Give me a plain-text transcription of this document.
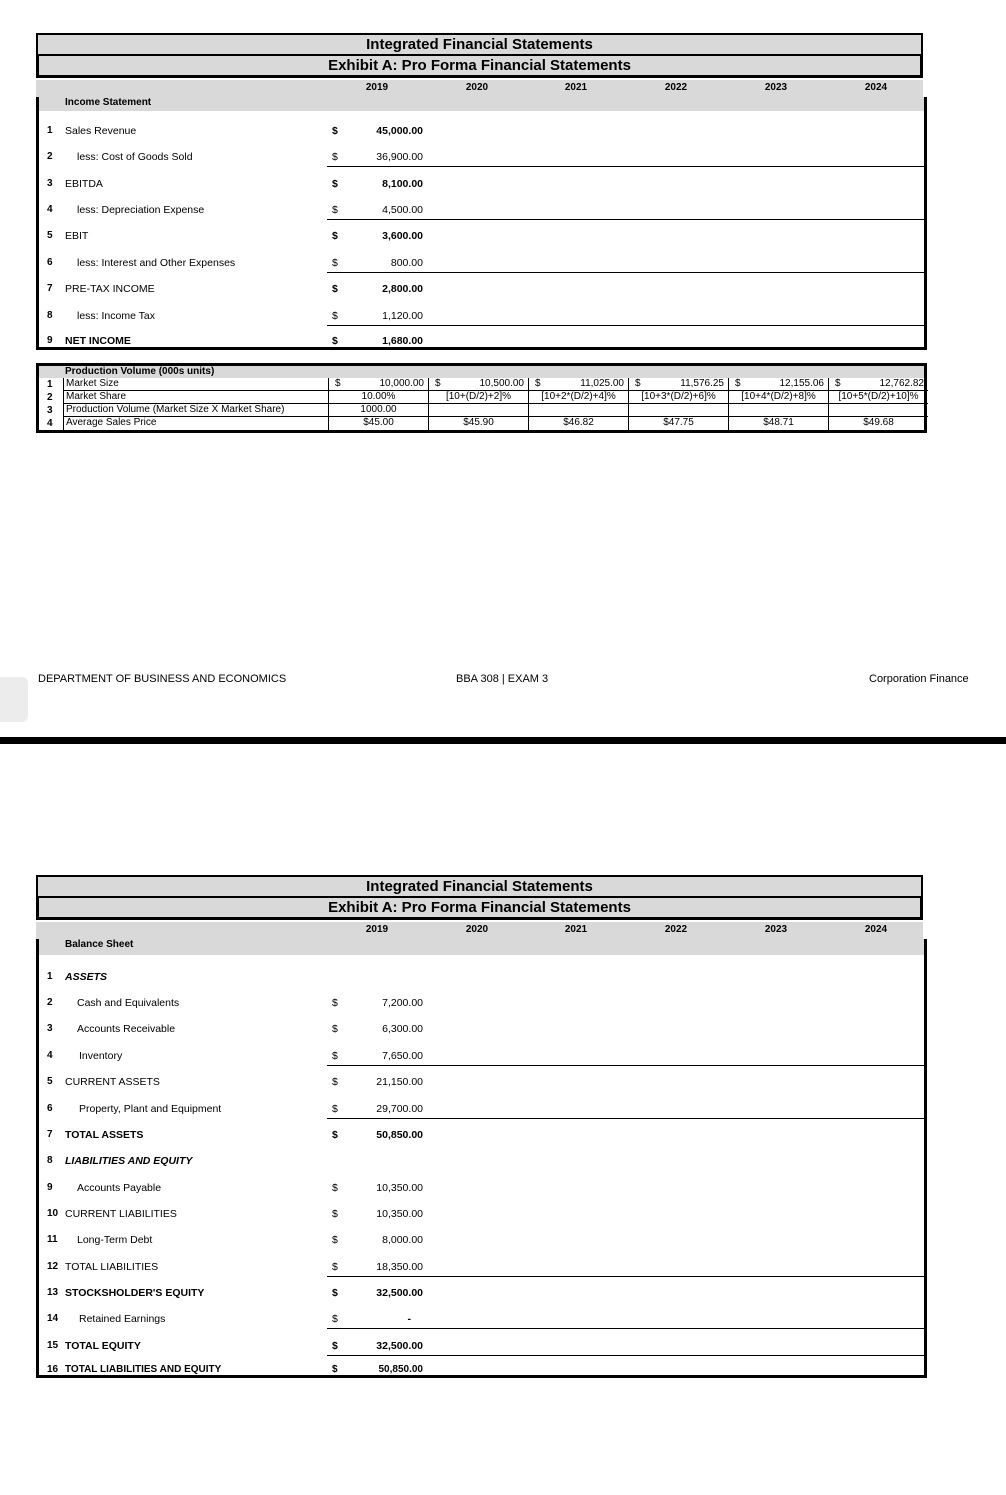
Integrated Financial Statements
Exhibit A: Pro Forma Financial Statements
2019	2020	2021	2022	2023	2024
Income Statement
1 Sales Revenue	$	45,000.00
2 less: Cost of Goods Sold	$	36,900.00
3 EBITDA	$	8,100.00
4 less: Depreciation Expense	$	4,500.00
5 EBIT	$	3,600.00
6 less: Interest and Other Expenses	$	800.00
7 PRE-TAX INCOME	$	2,800.00
8 less: Income Tax	$	1,120.00
9 NET INCOME	$	1,680.00
Production Volume (000s units)
1	Market Size	$	10,000.00 $	10,500.00 $	11,025.00 $	11,576.25 $	12,155.06 $	12,762.82
2	Market Share	10.00%	[10+(D/2)+2]%	[10+2*(D/2)+4]%	[10+3*(D/2)+6]%	[10+4*(D/2)+8]%	[10+5*(D/2)+10]%
3	Production Volume (Market Size X Market Share)	1000.00
4	Average Sales Price	$45.00	$45.90	$46.82	$47.75	$48.71	$49.68
DEPARTMENT OF BUSINESS AND ECONOMICS	BBA 308 | EXAM 3	Corporation Finance
Integrated Financial Statements
Exhibit A: Pro Forma Financial Statements
2019	2020	2021	2022	2023	2024
Balance Sheet
1 ASSETS
2 Cash and Equivalents	$	7,200.00
3 Accounts Receivable	$	6,300.00
4	Inventory	$	7,650.00
5 CURRENT ASSETS	$	21,150.00
6	Property, Plant and Equipment	$	29,700.00
7 TOTAL ASSETS	$	50,850.00
8 LIABILITIES AND EQUITY
9 Accounts Payable	$	10,350.00
10 CURRENT LIABILITIES	$	10,350.00
11 Long-Term Debt	$	8,000.00
12 TOTAL LIABILITIES	$	18,350.00
13 STOCKSHOLDER'S EQUITY	$	32,500.00
14 Retained Earnings	$	-
15 TOTAL EQUITY	$	32,500.00
16 TOTAL LIABILITIES AND EQUITY	$	50,850.00
